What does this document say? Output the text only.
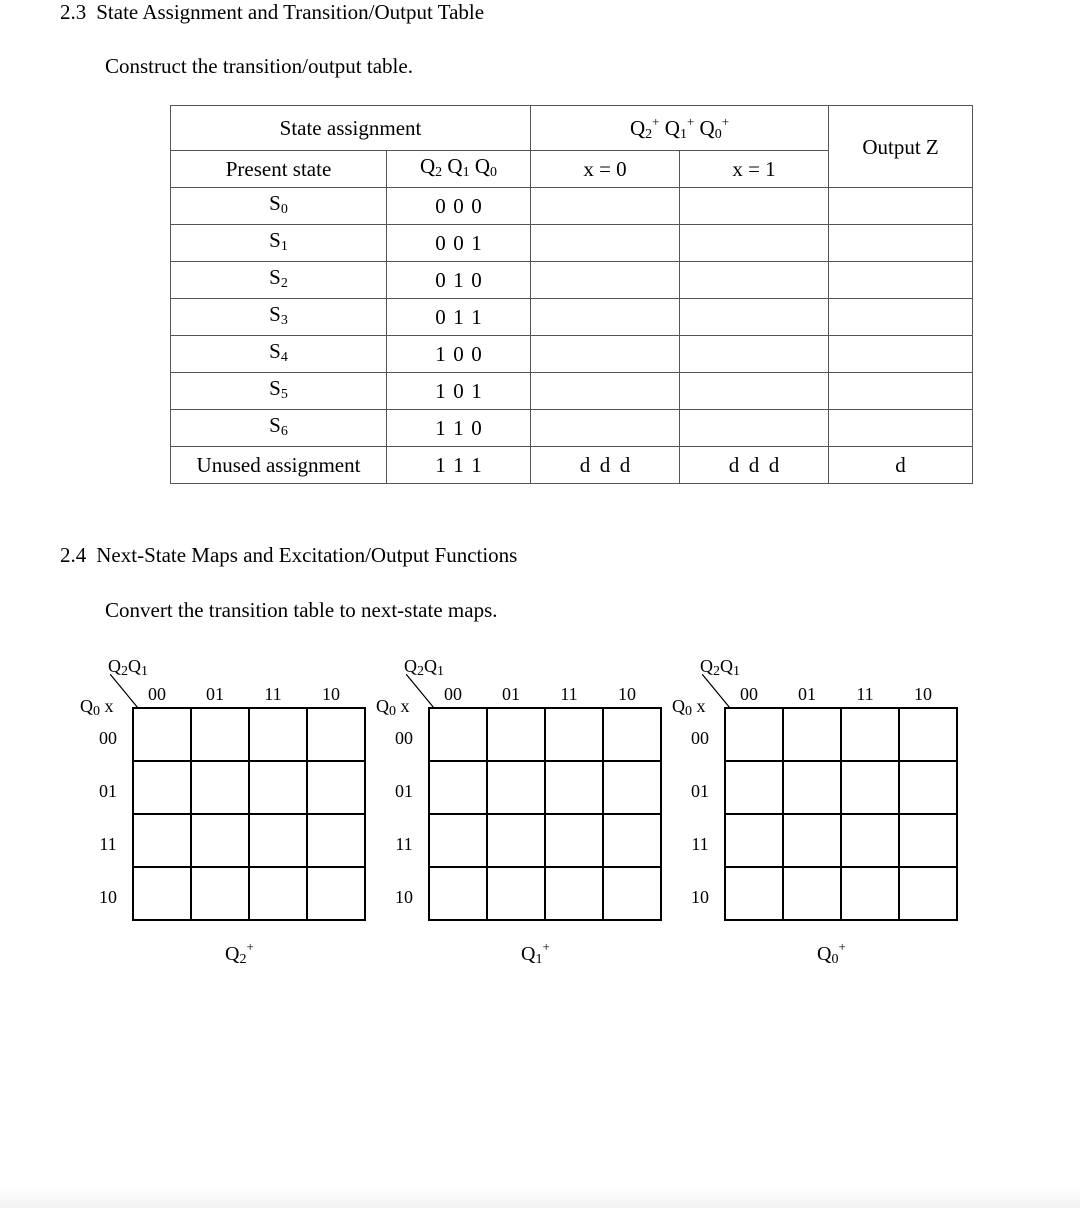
2.3 State Assignment and Transition/Output Table
Construct the transition/output table.
State assignment		$Q_2^+$ $Q_1^+$ $Q_0^+$		Output Z
Present state	$Q_2$ $Q_1$ $Q_0$	x = 0	x = 1	
$S_0$	0 0 0			
$S_1$	0 0 1			
$S_2$	0 1 0			
$S_3$	0 1 1			
$S_4$	1 0 0			
$S_5$	1 0 1			
$S_6$	1 1 0			
Unused assignment	1 1 1	d d d	d d d	d
2.4 Next-State Maps and Excitation/Output Functions
Convert the transition table to next-state maps.
$Q_2Q_1$
$Q_0$ x
00	01	11	10
00
01
11
10

$Q_2^+$
$Q_2Q_1$
$Q_0$ x
00	01	11	10
00
01
11
10

$Q_1^+$
$Q_2Q_1$
$Q_0$ x
00	01	11	10
00
01
11
10

$Q_0^+$
